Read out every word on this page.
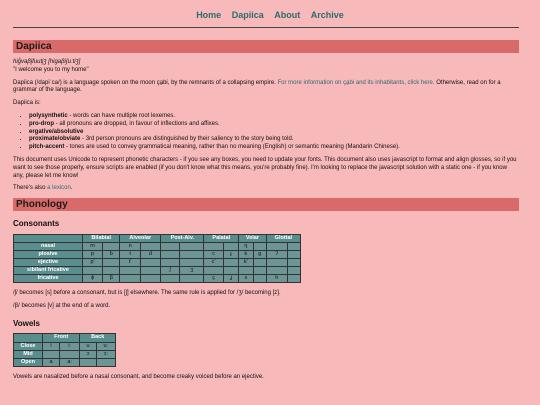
Home Dapiica About Archive
Dapiica

hig̊vaβi̯fuuti̯ʒ [hiɡaβiʃuːtiʒ]
"I welcome you to my home"

Dapiica (/dapiˈca/) is a language spoken on the moon ça̱bi, by the remnants of a collapsing empire. For more information on ça̱bi and its inhabitants, click here. Otherwise, read on for a grammar of the language.

Dapiica is:

• polysynthetic - words can have multiple root lexemes.
• pro-drop - all pronouns are dropped, in favour of inflections and affixes.
• ergative/absolutive
• proximate/obviate - 3rd person pronouns are distinguished by their saliency to the story being told.
• pitch-accent - tones are used to convey grammatical meaning, rather than no meaning (English) or semantic meaning (Mandarin Chinese).

This document uses Unicode to represent phonetic characters - if you see any boxes, you need to update your fonts. This document also uses javascript to format and align glosses, so if you want to see those properly, ensure scripts are enabled (if you don't know what this means, you're probably fine). I'm looking to replace the javascript solution with a static one - if you know any, please let me know!

There's also a lexicon.

Phonology
Consonants
	Bilabial		Alveolar		Post-Alv.		Palatal		Velar		Glottal	
nasal	m		n						ŋ			
plosive	p	b	t	d			c	ɟ	k	g	ʔ	
ejective	pʼ		tʼ				cʼ		kʼ			
sibilant fricative					ʃ	ʒ						
fricative	ɸ	β					ç	ʝ	x		h	

/ʃ/ becomes [s] before a consonant, but is [ʃ] elsewhere. The same rule is applied for /ʒ/ becoming [z].

/β/ becomes [v] at the end of a word.

Vowels
	Front		Back	
Close	i	iː	u	uː
Mid			ɔ	ɔː
Open	a	aː		

Vowels are nasalized before a nasal consonant, and become creaky voiced before an ejective.
